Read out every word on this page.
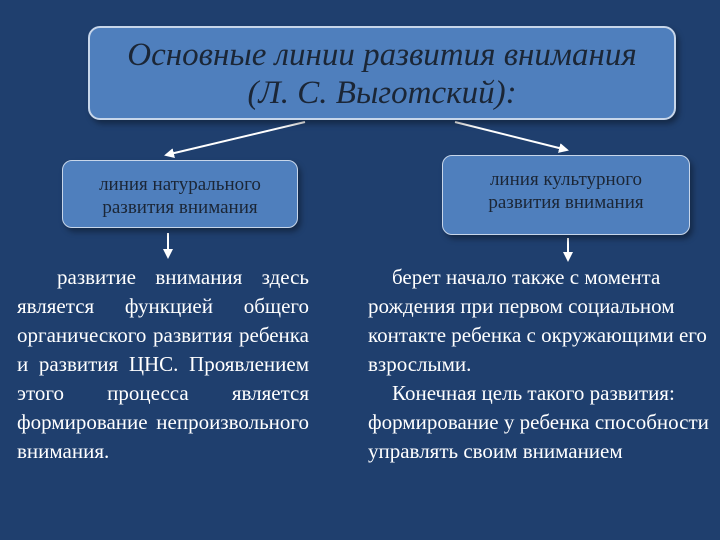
Основные линии развития внимания
(Л. С. Выготский):
линия натурального
развития внимания
линия культурного
развития внимания

развитие внимания здесь является функцией общего органического развития ребенка и развития ЦНС. Проявлением этого процесса является формирование непроизвольного внимания.

берет начало также с момента рождения при первом социальном контакте ребенка с окружающими его взрослыми.

Конечная цель такого развития: формирование у ребенка способности управлять своим вниманием
